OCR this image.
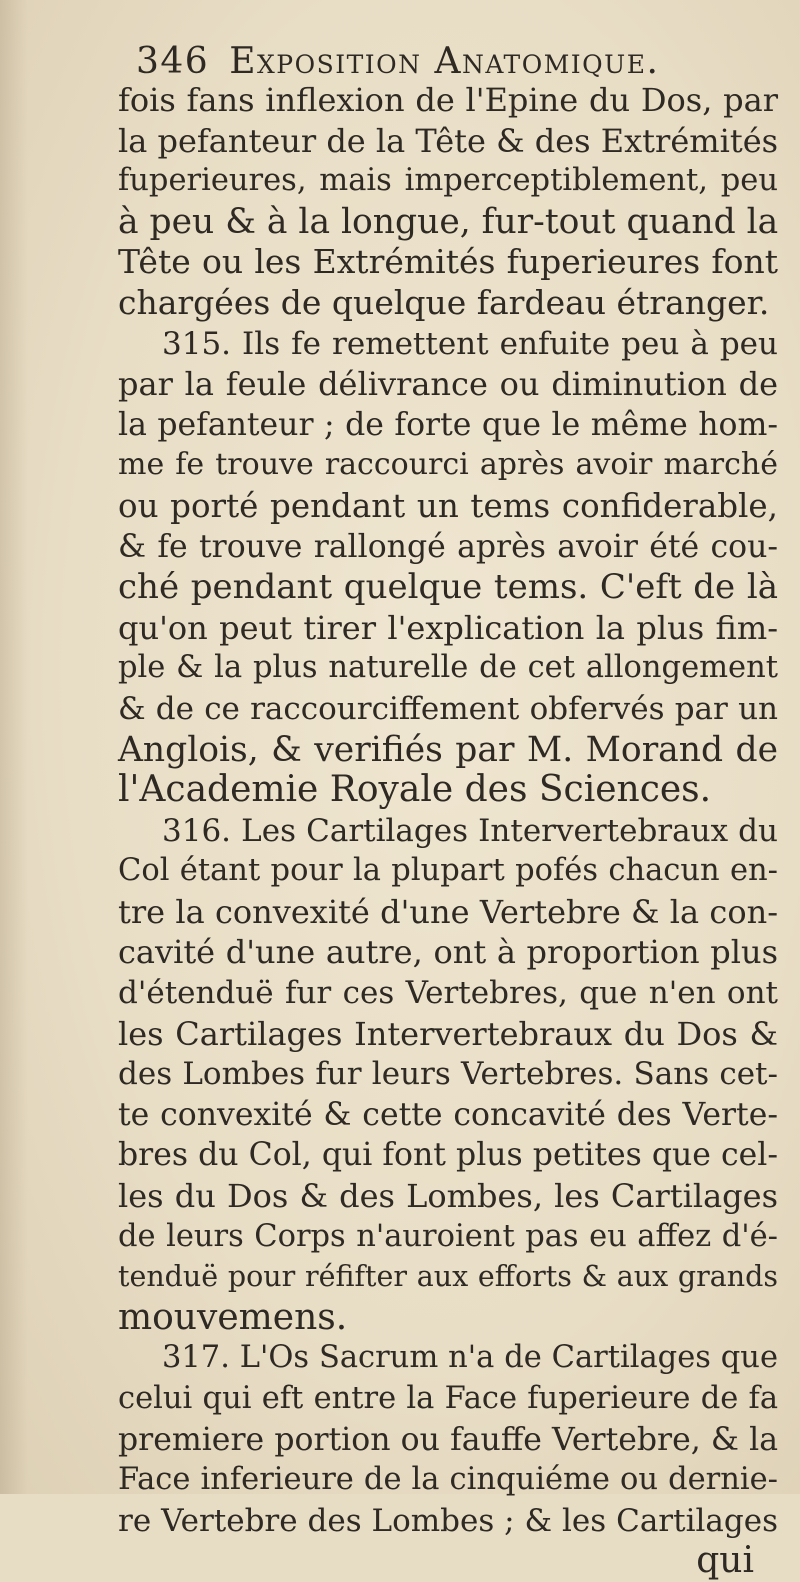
346 Exposition Anatomique.
fois fans inflexion de l'Epine du Dos, par
la pefanteur de la Tête & des Extrémités
fuperieures, mais imperceptiblement, peu
à peu & à la longue, fur-tout quand la
Tête ou les Extrémités fuperieures font
chargées de quelque fardeau étranger.
315. Ils fe remettent enfuite peu à peu
par la feule délivrance ou diminution de
la pefanteur ; de forte que le même hom-
me fe trouve raccourci après avoir marché
ou porté pendant un tems confiderable,
& fe trouve rallongé après avoir été cou-
ché pendant quelque tems. C'eft de là
qu'on peut tirer l'explication la plus fim-
ple & la plus naturelle de cet allongement
& de ce raccourciffement obfervés par un
Anglois, & verifiés par M. Morand de
l'Academie Royale des Sciences.
316. Les Cartilages Intervertebraux du
Col étant pour la plupart pofés chacun en-
tre la convexité d'une Vertebre & la con-
cavité d'une autre, ont à proportion plus
d'étenduë fur ces Vertebres, que n'en ont
les Cartilages Intervertebraux du Dos &
des Lombes fur leurs Vertebres. Sans cet-
te convexité & cette concavité des Verte-
bres du Col, qui font plus petites que cel-
les du Dos & des Lombes, les Cartilages
de leurs Corps n'auroient pas eu affez d'é-
tenduë pour réfifter aux efforts & aux grands
mouvemens.
317. L'Os Sacrum n'a de Cartilages que
celui qui eft entre la Face fuperieure de fa
premiere portion ou fauffe Vertebre, & la
Face inferieure de la cinquiéme ou dernie-
re Vertebre des Lombes ; & les Cartilages
qui
